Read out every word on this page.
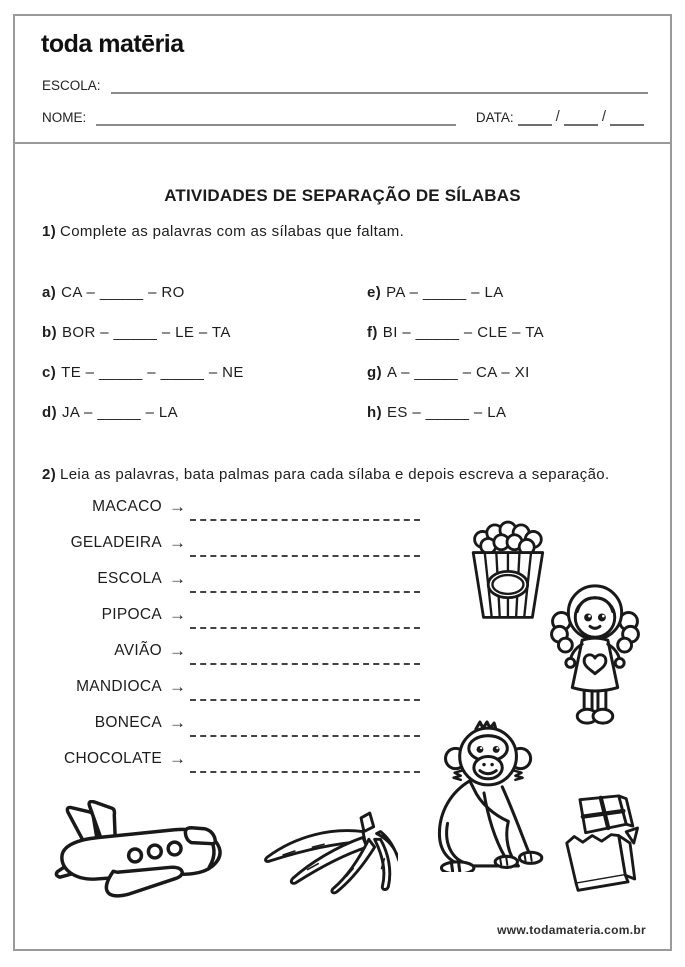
toda matēria
ESCOLA:
NOME:	DATA:	/	/
ATIVIDADES DE SEPARAÇÃO DE SÍLABAS
1) Complete as palavras com as sílabas que faltam.
a) CA – _____ – RO
b) BOR – _____ – LE – TA
c) TE – _____ – _____ – NE
d) JA – _____ – LA
e) PA – _____ – LA
f) BI – _____ – CLE – TA
g) A – _____ – CA – XI
h) ES – _____ – LA
2) Leia as palavras, bata palmas para cada sílaba e depois escreva a separação.
MACACO →
GELADEIRA →
ESCOLA →
PIPOCA →
AVIÃO →
MANDIOCA →
BONECA →
CHOCOLATE →
www.todamateria.com.br
